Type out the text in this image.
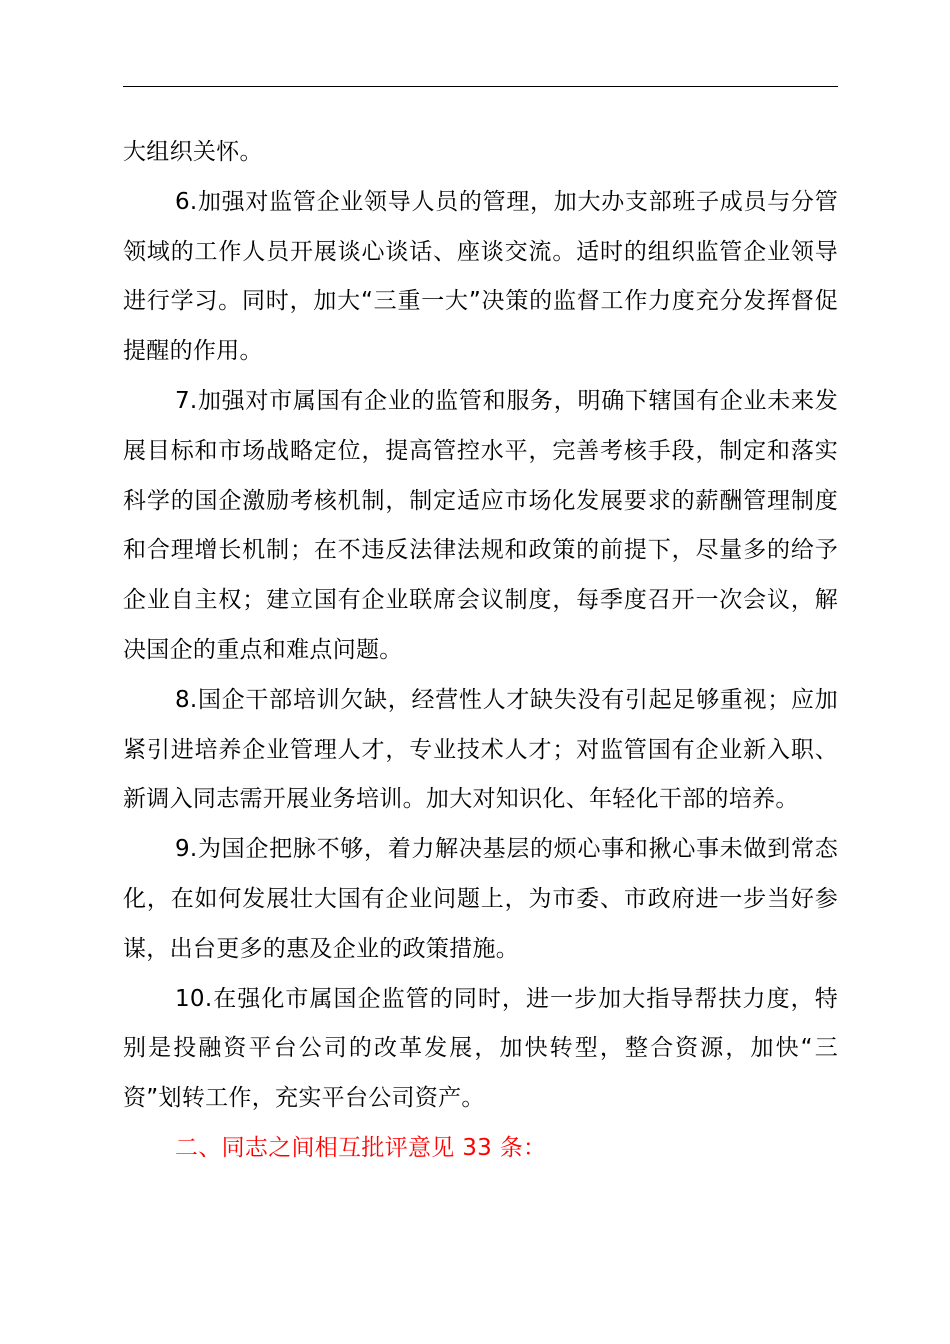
大组织关怀。

6.加强对监管企业领导人员的管理，加大办支部班子成员与分管领域的工作人员开展谈心谈话、座谈交流。适时的组织监管企业领导进行学习。同时，加大“三重一大”决策的监督工作力度充分发挥督促提醒的作用。

7.加强对市属国有企业的监管和服务，明确下辖国有企业未来发展目标和市场战略定位，提高管控水平，完善考核手段，制定和落实科学的国企激励考核机制，制定适应市场化发展要求的薪酬管理制度和合理增长机制；在不违反法律法规和政策的前提下，尽量多的给予企业自主权；建立国有企业联席会议制度，每季度召开一次会议，解决国企的重点和难点问题。

8.国企干部培训欠缺，经营性人才缺失没有引起足够重视；应加紧引进培养企业管理人才，专业技术人才；对监管国有企业新入职、新调入同志需开展业务培训。加大对知识化、年轻化干部的培养。

9.为国企把脉不够，着力解决基层的烦心事和揪心事未做到常态化，在如何发展壮大国有企业问题上，为市委、市政府进一步当好参谋，出台更多的惠及企业的政策措施。

10.在强化市属国企监管的同时，进一步加大指导帮扶力度，特别是投融资平台公司的改革发展，加快转型，整合资源，加快“三资”划转工作，充实平台公司资产。

二、同志之间相互批评意见 33 条：
